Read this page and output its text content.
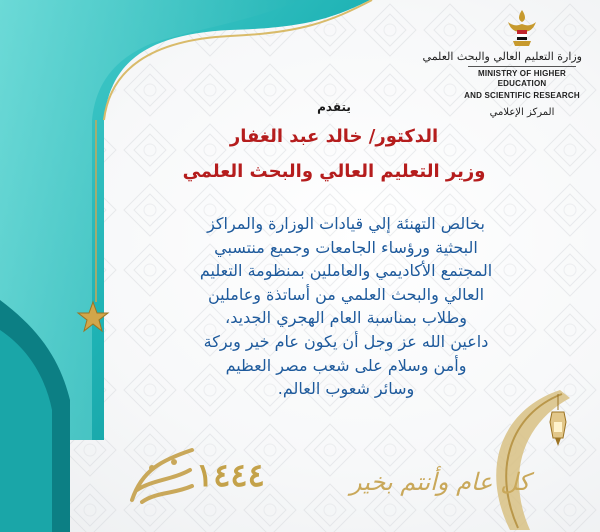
وزارة التعليم العالي والبحث العلمي
MINISTRY OF HIGHER EDUCATION
AND SCIENTIFIC RESEARCH
المركز الإعلامي
يتقدم
الدكتور/ خالد عبد الغفار
وزير التعليم العالي والبحث العلمي
بخالص التهنئة إلي قيادات الوزارة والمراكز
البحثية ورؤساء الجامعات وجميع منتسبي
المجتمع الأكاديمي والعاملين بمنظومة التعليم
العالي والبحث العلمي من أساتذة وعاملين
وطلاب بمناسبة العام الهجري الجديد،
داعين الله عز وجل أن يكون عام خير وبركة
وأمن وسلام على شعب مصر العظيم
وسائر شعوب العالم.
١٤٤٤	كل عام وأنتم بخير
